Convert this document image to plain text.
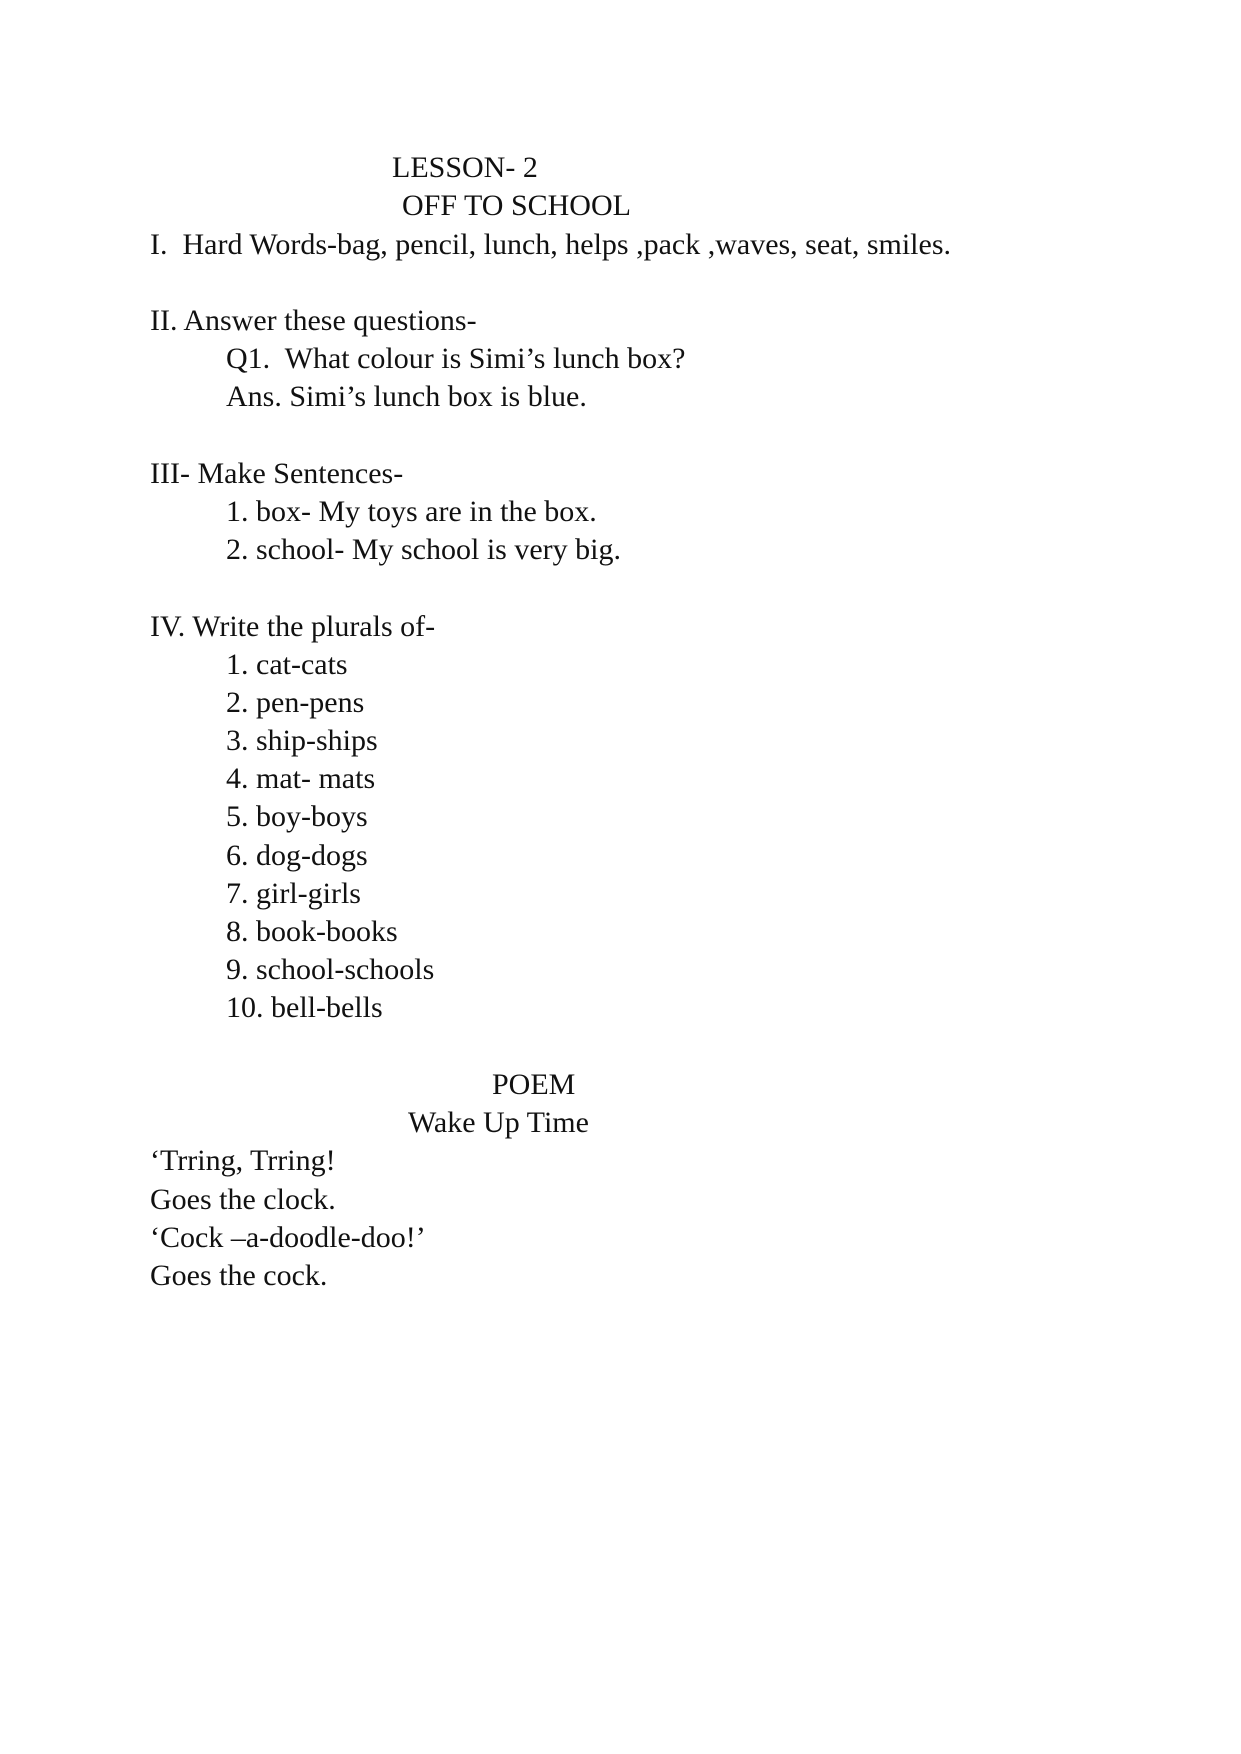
LESSON- 2

OFF TO SCHOOL

I.  Hard Words-bag, pencil, lunch, helps ,pack ,waves, seat, smiles.

II. Answer these questions-

Q1.  What colour is Simi’s lunch box?

Ans. Simi’s lunch box is blue.

III- Make Sentences-

1. box- My toys are in the box.

2. school- My school is very big.

IV. Write the plurals of-

1. cat-cats

2. pen-pens

3. ship-ships

4. mat- mats

5. boy-boys

6. dog-dogs

7. girl-girls

8. book-books

9. school-schools

10. bell-bells

POEM

Wake Up Time

‘Trring, Trring!

Goes the clock.

‘Cock –a-doodle-doo!’

Goes the cock.
